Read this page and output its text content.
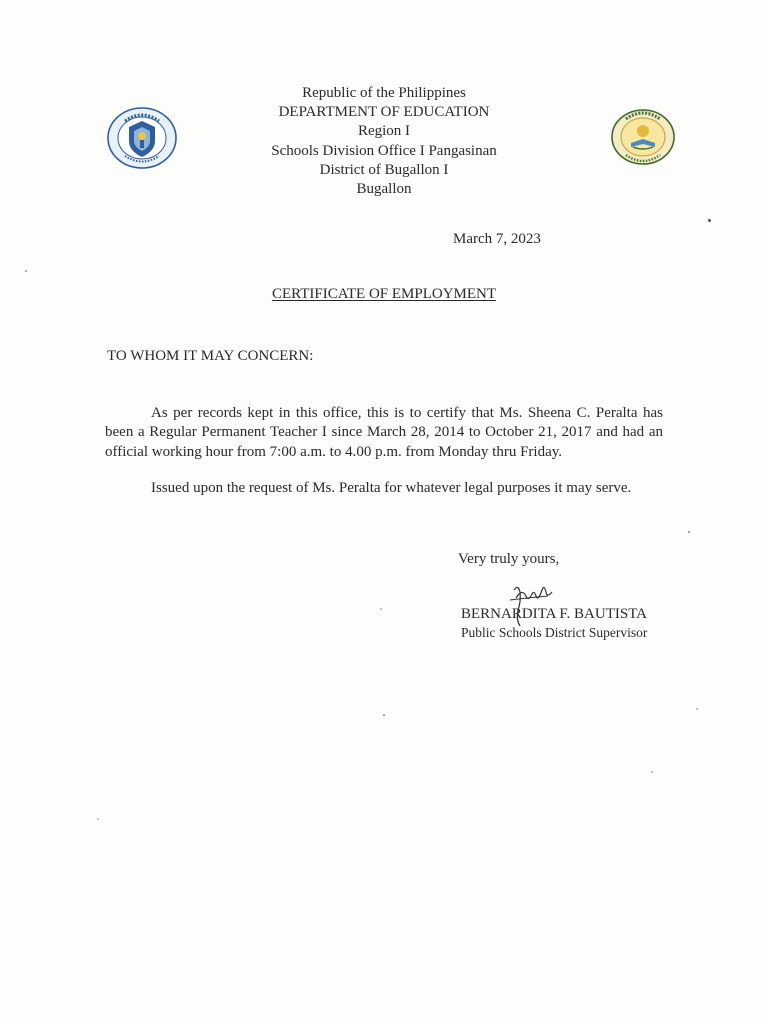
Republic of the Philippines
DEPARTMENT OF EDUCATION
Region I
Schools Division Office I Pangasinan
District of Bugallon I
Bugallon
March 7, 2023
CERTIFICATE OF EMPLOYMENT
TO WHOM IT MAY CONCERN:
As per records kept in this office, this is to certify that Ms. Sheena C. Peralta has been a Regular Permanent Teacher I since March 28, 2014 to October 21, 2017 and had an official working hour from 7:00 a.m. to 4.00 p.m. from Monday thru Friday.
Issued upon the request of Ms. Peralta for whatever legal purposes it may serve.
Very truly yours,
BERNARDITA F. BAUTISTA
Public Schools District Supervisor
